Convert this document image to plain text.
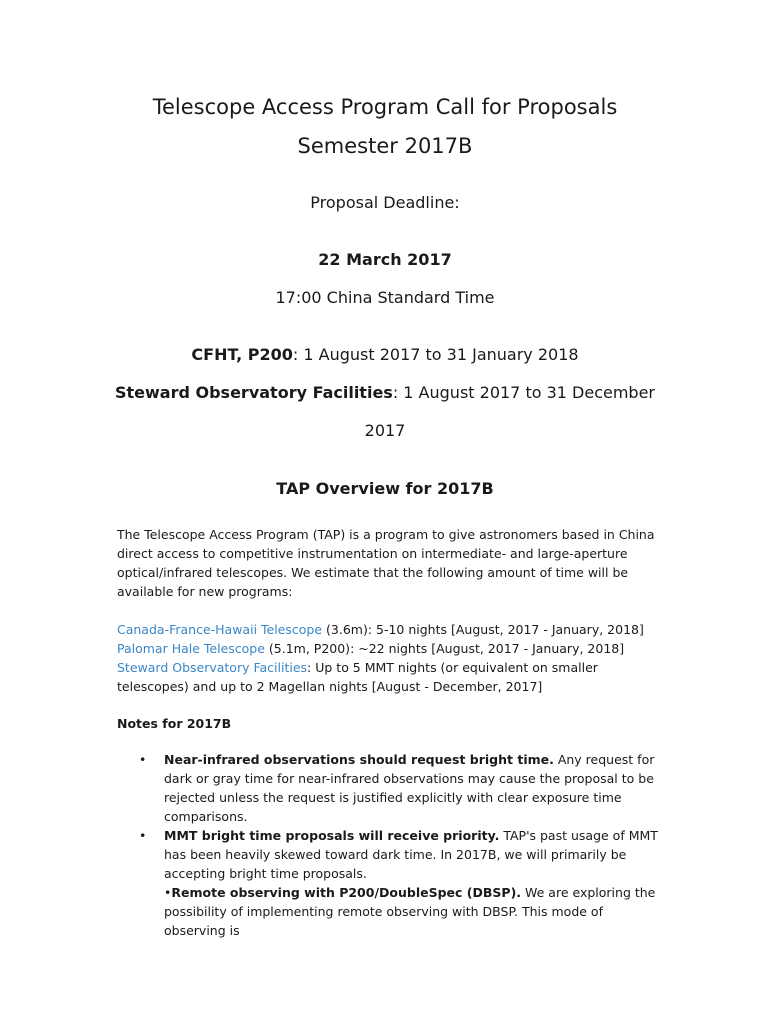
Telescope Access Program Call for Proposals
Semester 2017B

Proposal Deadline:

22 March 2017

17:00 China Standard Time

CFHT, P200: 1 August 2017 to 31 January 2018

Steward Observatory Facilities: 1 August 2017 to 31 December

2017

TAP Overview for 2017B

The Telescope Access Program (TAP) is a program to give astronomers based in China direct access to competitive instrumentation on intermediate- and large-aperture optical/infrared telescopes. We estimate that the following amount of time will be available for new programs:

Canada-France-Hawaii Telescope (3.6m): 5-10 nights [August, 2017 - January, 2018]
Palomar Hale Telescope (5.1m, P200): ~22 nights [August, 2017 - January, 2018]
Steward Observatory Facilities: Up to 5 MMT nights (or equivalent on smaller telescopes) and up to 2 Magellan nights [August - December, 2017]

Notes for 2017B

• Near-infrared observations should request bright time. Any request for dark or gray time for near-infrared observations may cause the proposal to be rejected unless the request is justified explicitly with clear exposure time comparisons.
• MMT bright time proposals will receive priority. TAP's past usage of MMT has been heavily skewed toward dark time. In 2017B, we will primarily be accepting bright time proposals.
•Remote observing with P200/DoubleSpec (DBSP). We are exploring the possibility of implementing remote observing with DBSP. This mode of observing is
